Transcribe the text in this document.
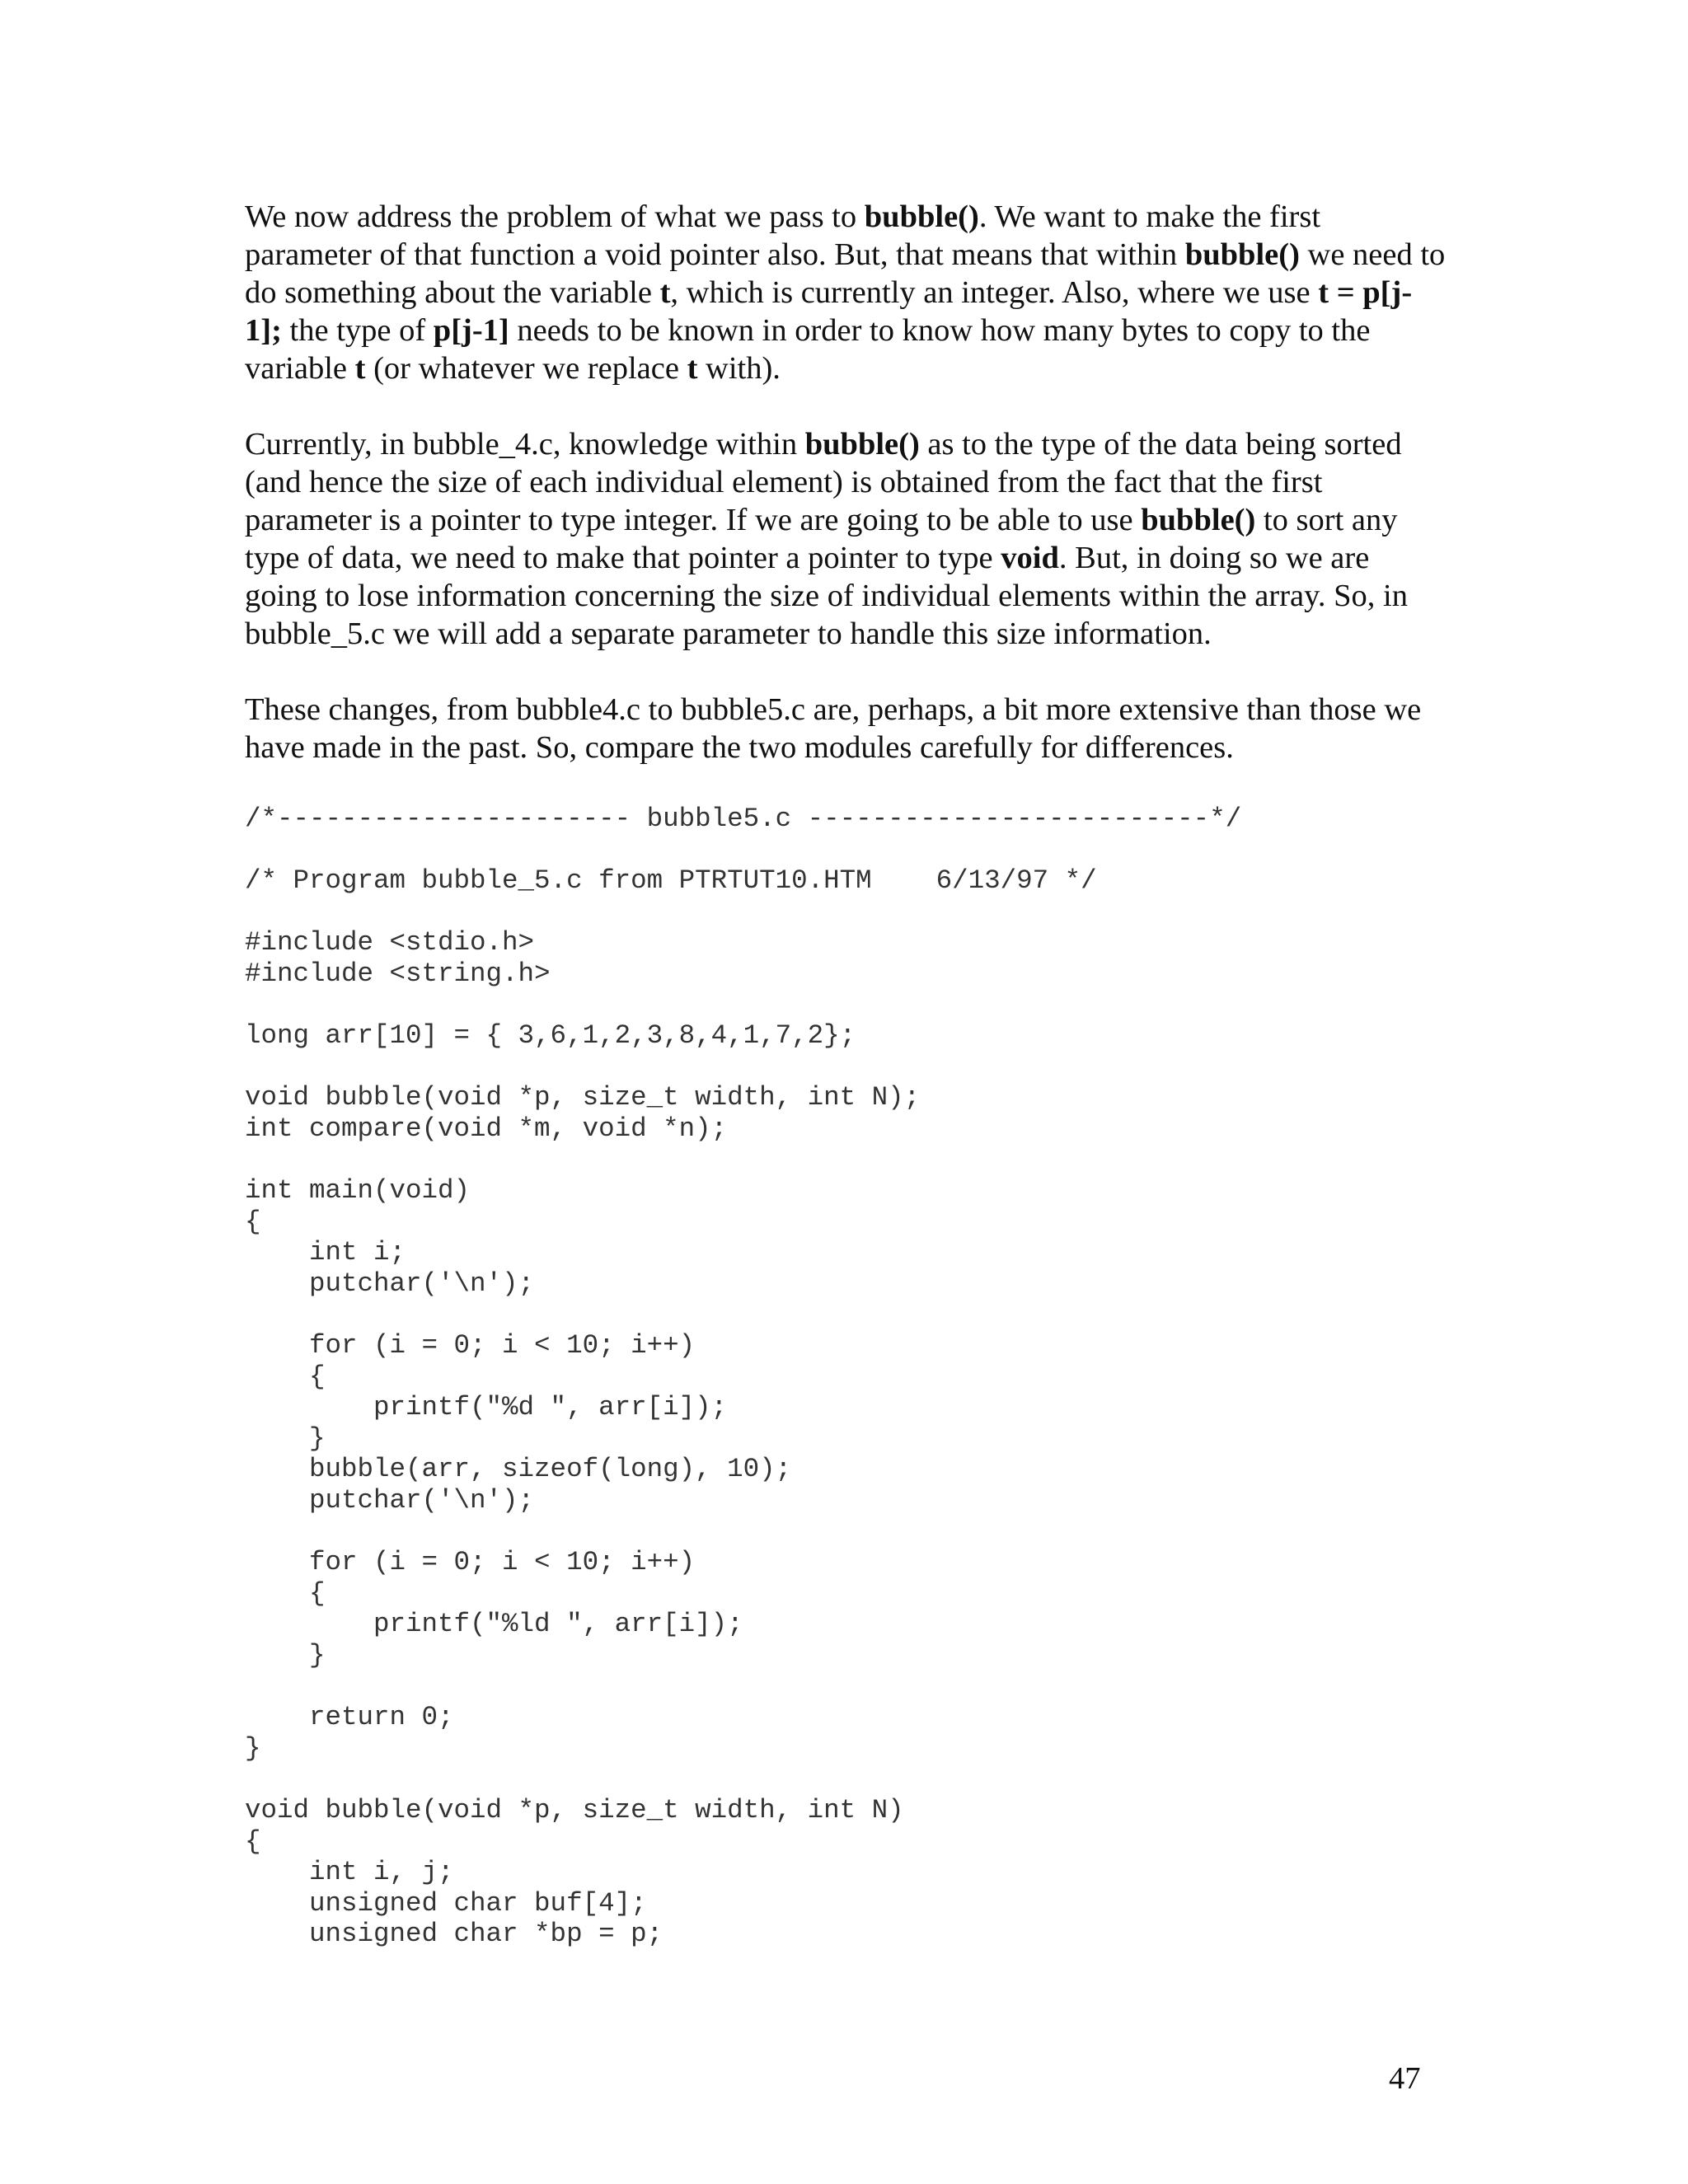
We now address the problem of what we pass to bubble(). We want to make the first parameter of that function a void pointer also. But, that means that within bubble() we need to do something about the variable t, which is currently an integer. Also, where we use t = p[j-1]; the type of p[j-1] needs to be known in order to know how many bytes to copy to the variable t (or whatever we replace t with).

Currently, in bubble_4.c, knowledge within bubble() as to the type of the data being sorted (and hence the size of each individual element) is obtained from the fact that the first parameter is a pointer to type integer. If we are going to be able to use bubble() to sort any type of data, we need to make that pointer a pointer to type void. But, in doing so we are going to lose information concerning the size of individual elements within the array. So, in bubble_5.c we will add a separate parameter to handle this size information.

These changes, from bubble4.c to bubble5.c are, perhaps, a bit more extensive than those we have made in the past. So, compare the two modules carefully for differences.

/*---------------------- bubble5.c -------------------------*/
/* Program bubble_5.c from PTRTUT10.HTM    6/13/97 */
#include <stdio.h>
#include <string.h>
long arr[10] = { 3,6,1,2,3,8,4,1,7,2};
void bubble(void *p, size_t width, int N);
int compare(void *m, void *n);
int main(void)
{
int i;
putchar('\n');
for (i = 0; i < 10; i++)
{
printf("%d ", arr[i]);
}
bubble(arr, sizeof(long), 10);
putchar('\n');
for (i = 0; i < 10; i++)
{
printf("%ld ", arr[i]);
}
return 0;
}
void bubble(void *p, size_t width, int N)
{
int i, j;
unsigned char buf[4];
unsigned char *bp = p;
47
